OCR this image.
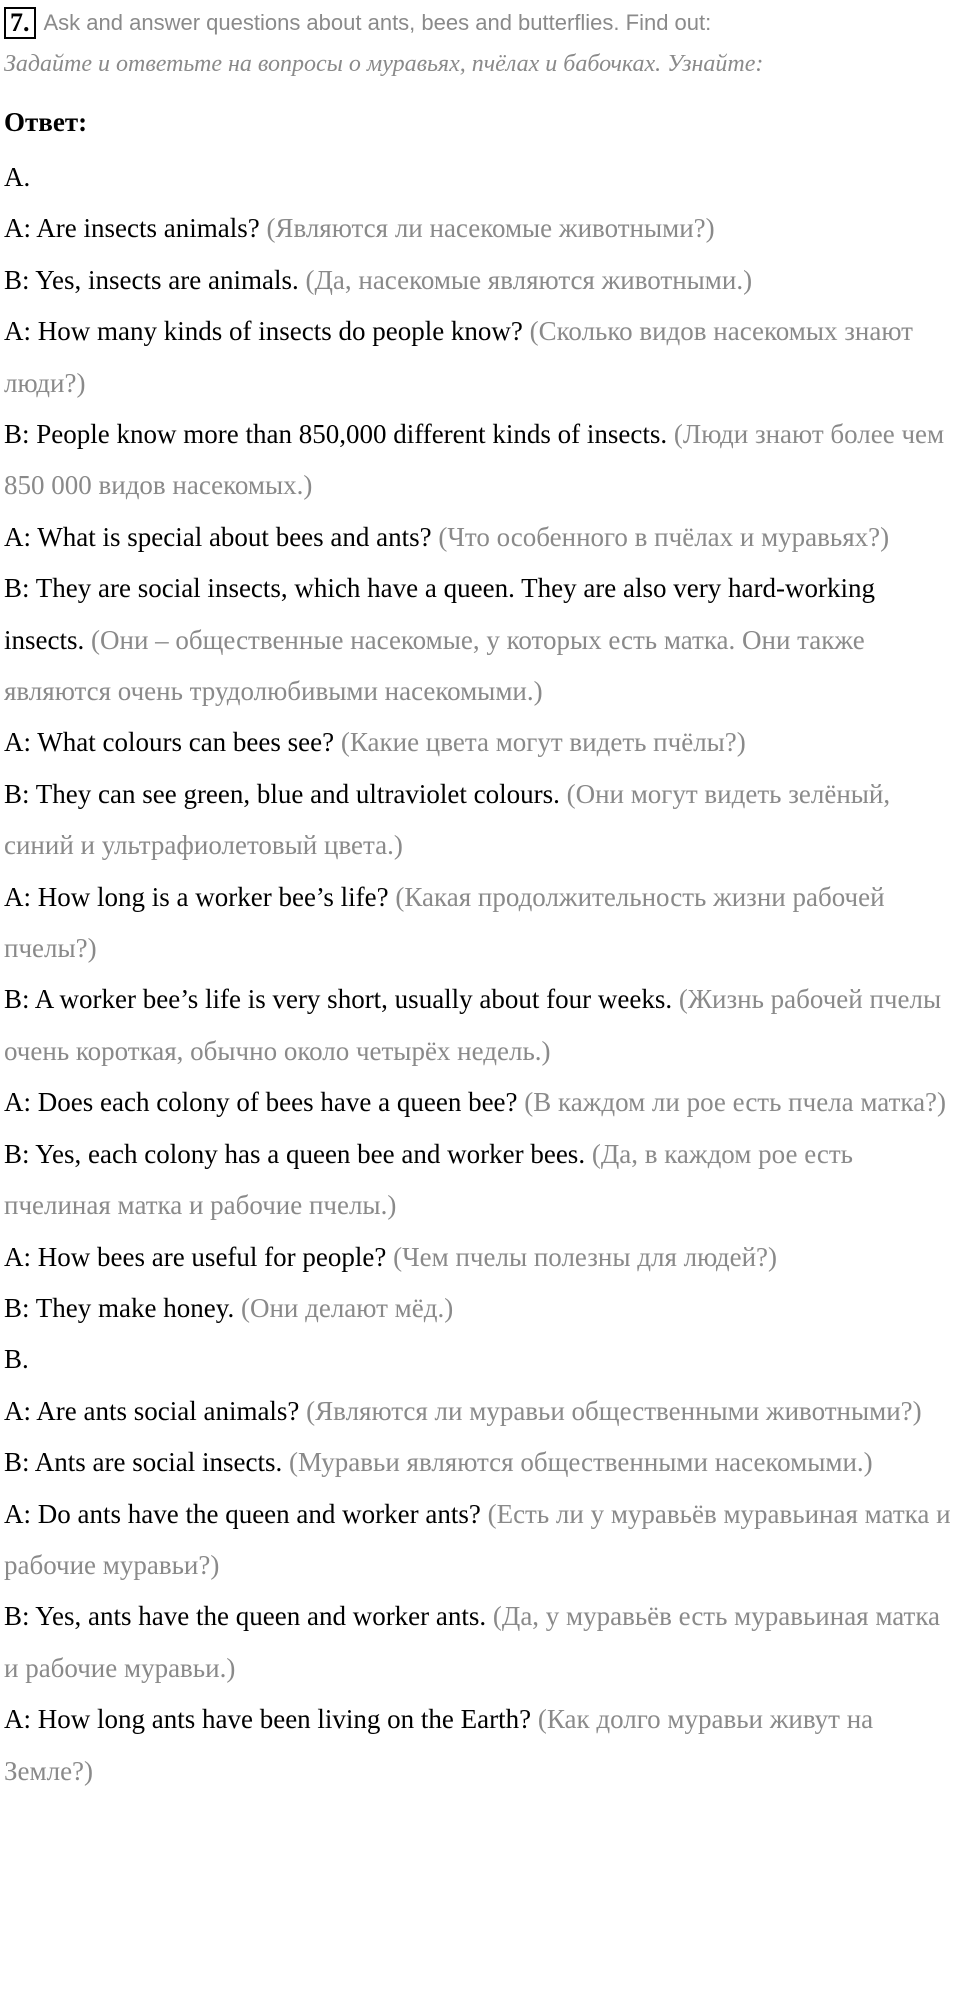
7. Ask and answer questions about ants, bees and butterflies. Find out:
Задайте и ответьте на вопросы о муравьях, пчёлах и бабочках. Узнайте:
Ответ:
A.
A: Are insects animals? (Являются ли насекомые животными?)
B: Yes, insects are animals. (Да, насекомые являются животными.)
A: How many kinds of insects do people know? (Сколько видов насекомых знают люди?)
B: People know more than 850,000 different kinds of insects. (Люди знают более чем 850 000 видов насекомых.)
A: What is special about bees and ants? (Что особенного в пчёлах и муравьях?)
B: They are social insects, which have a queen. They are also very hard-working insects. (Они – общественные насекомые, у которых есть матка. Они также являются очень трудолюбивыми насекомыми.)
A: What colours can bees see? (Какие цвета могут видеть пчёлы?)
B: They can see green, blue and ultraviolet colours. (Они могут видеть зелёный, синий и ультрафиолетовый цвета.)
A: How long is a worker bee’s life? (Какая продолжительность жизни рабочей пчелы?)
B: A worker bee’s life is very short, usually about four weeks. (Жизнь рабочей пчелы очень короткая, обычно около четырёх недель.)
A: Does each colony of bees have a queen bee? (В каждом ли рое есть пчела матка?)
B: Yes, each colony has a queen bee and worker bees. (Да, в каждом рое есть пчелиная матка и рабочие пчелы.)
A: How bees are useful for people? (Чем пчелы полезны для людей?)
B: They make honey. (Они делают мёд.)
B.
A: Are ants social animals? (Являются ли муравьи общественными животными?)
B: Ants are social insects. (Муравьи являются общественными насекомыми.)
A: Do ants have the queen and worker ants? (Есть ли у муравьёв муравьиная матка и рабочие муравьи?)
B: Yes, ants have the queen and worker ants. (Да, у муравьёв есть муравьиная матка и рабочие муравьи.)
A: How long ants have been living on the Earth? (Как долго муравьи живут на Земле?)
